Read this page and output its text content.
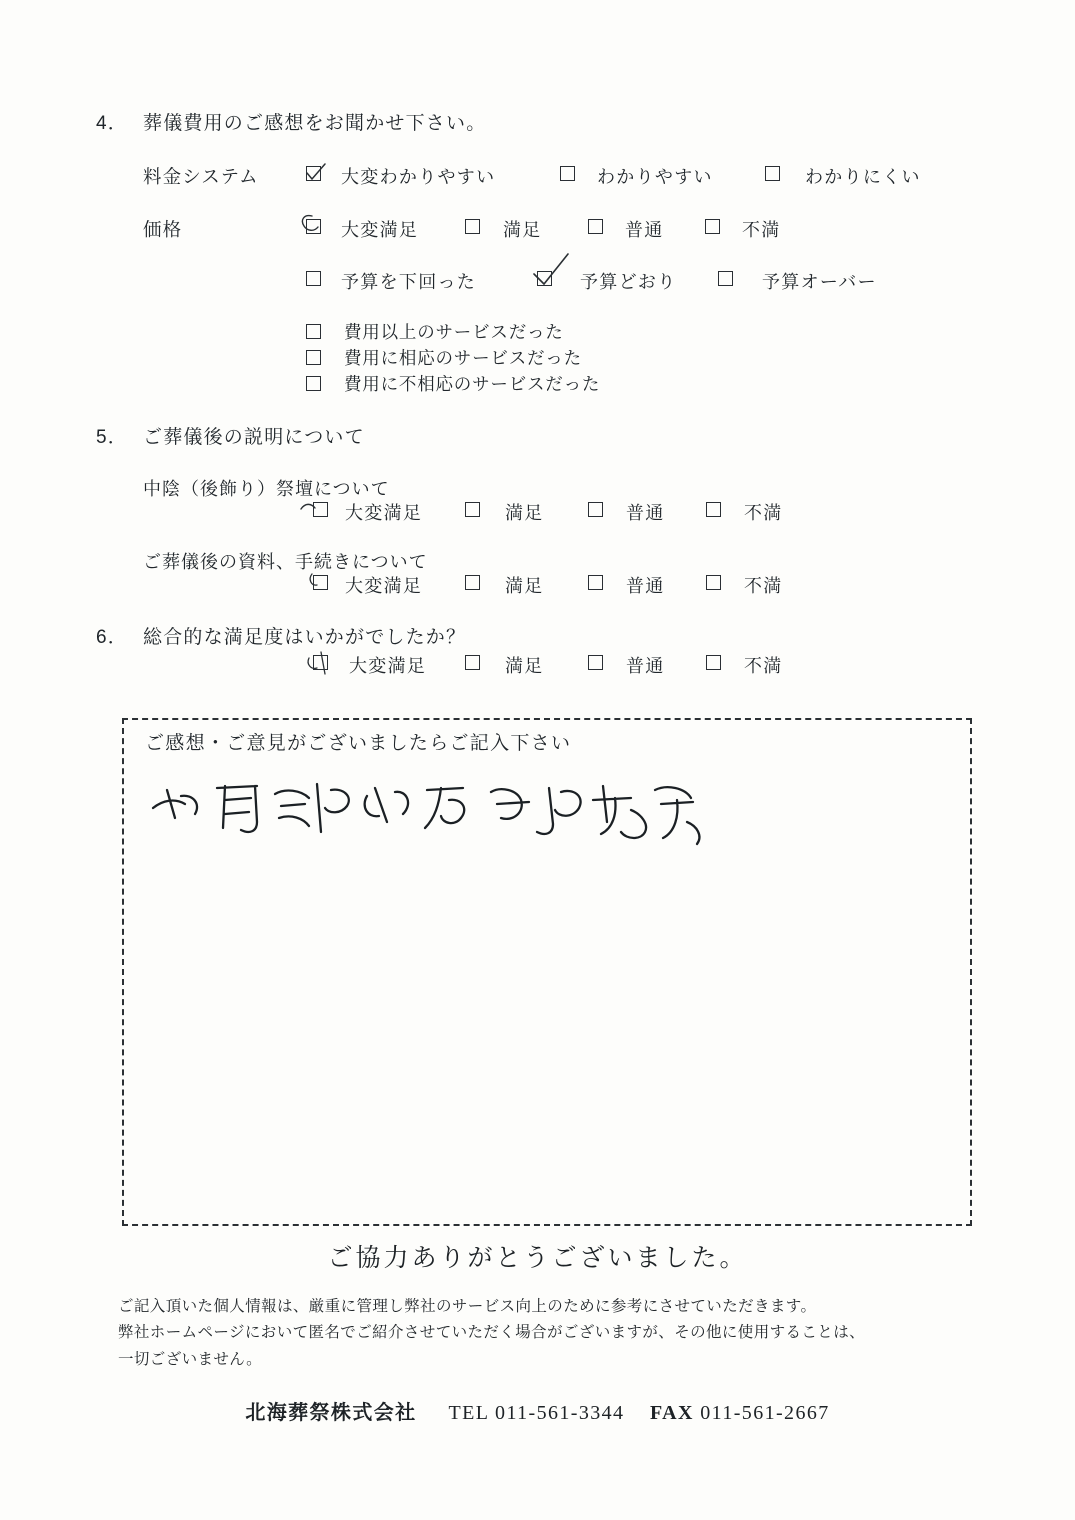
4． 葬儀費用のご感想をお聞かせ下さい。
料金システム	大変わかりやすい	わかりやすい	わかりにくい
価格	大変満足	満足	普通	不満
予算を下回った	予算どおり	予算オーバー
費用以上のサービスだった
費用に相応のサービスだった
費用に不相応のサービスだった
5． ご葬儀後の説明について
中陰（後飾り）祭壇について
大変満足	満足	普通	不満
ご葬儀後の資料、手続きについて
大変満足	満足	普通	不満
6． 総合的な満足度はいかがでしたか？
大変満足	満足	普通	不満
ご感想・ご意見がございましたらご記入下さい
ご協力ありがとうございました。
ご記入頂いた個人情報は、厳重に管理し弊社のサービス向上のために参考にさせていただきます。
弊社ホームページにおいて匿名でご紹介させていただく場合がございますが、その他に使用することは、
一切ございません。
北海葬祭株式会社 TEL 011-561-3344 FAX 011-561-2667
